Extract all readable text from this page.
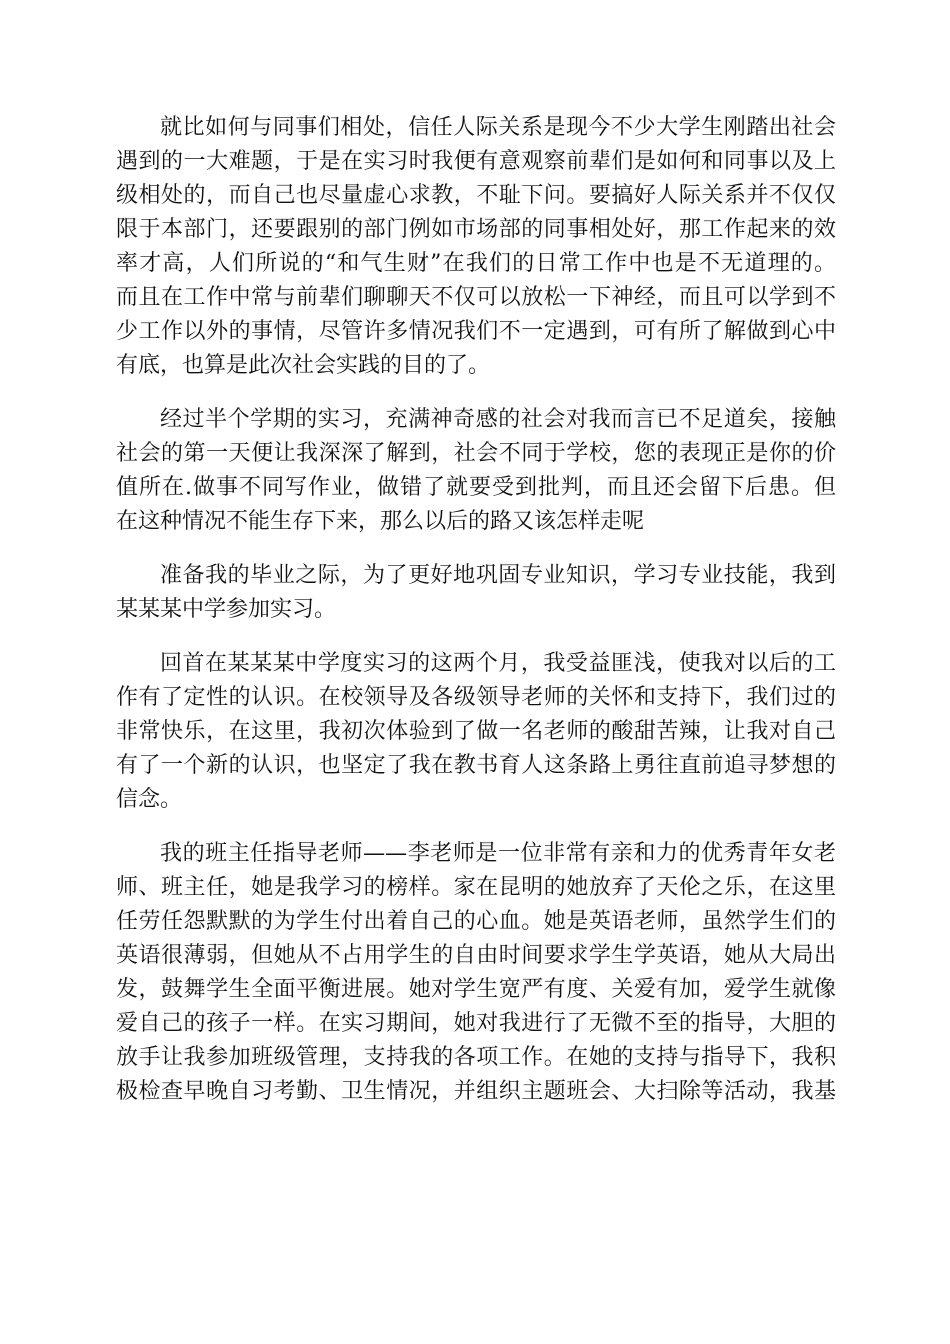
就比如何与同事们相处，信任人际关系是现今不少大学生刚踏出社会
遇到的一大难题，于是在实习时我便有意观察前辈们是如何和同事以及上
级相处的，而自己也尽量虚心求教，不耻下问。要搞好人际关系并不仅仅
限于本部门，还要跟别的部门例如市场部的同事相处好，那工作起来的效
率才高，人们所说的“和气生财”在我们的日常工作中也是不无道理的。
而且在工作中常与前辈们聊聊天不仅可以放松一下神经，而且可以学到不
少工作以外的事情，尽管许多情况我们不一定遇到，可有所了解做到心中
有底，也算是此次社会实践的目的了。
经过半个学期的实习，充满神奇感的社会对我而言已不足道矣，接触
社会的第一天便让我深深了解到，社会不同于学校，您的表现正是你的价
值所在.做事不同写作业，做错了就要受到批判，而且还会留下后患。但
在这种情况不能生存下来，那么以后的路又该怎样走呢
准备我的毕业之际，为了更好地巩固专业知识，学习专业技能，我到
某某某中学参加实习。
回首在某某某中学度实习的这两个月，我受益匪浅，使我对以后的工
作有了定性的认识。在校领导及各级领导老师的关怀和支持下，我们过的
非常快乐，在这里，我初次体验到了做一名老师的酸甜苦辣，让我对自己
有了一个新的认识，也坚定了我在教书育人这条路上勇往直前追寻梦想的
信念。
我的班主任指导老师——李老师是一位非常有亲和力的优秀青年女老
师、班主任，她是我学习的榜样。家在昆明的她放弃了天伦之乐，在这里
任劳任怨默默的为学生付出着自己的心血。她是英语老师，虽然学生们的
英语很薄弱，但她从不占用学生的自由时间要求学生学英语，她从大局出
发，鼓舞学生全面平衡进展。她对学生宽严有度、关爱有加，爱学生就像
爱自己的孩子一样。在实习期间，她对我进行了无微不至的指导，大胆的
放手让我参加班级管理，支持我的各项工作。在她的支持与指导下，我积
极检查早晚自习考勤、卫生情况，并组织主题班会、大扫除等活动，我基
